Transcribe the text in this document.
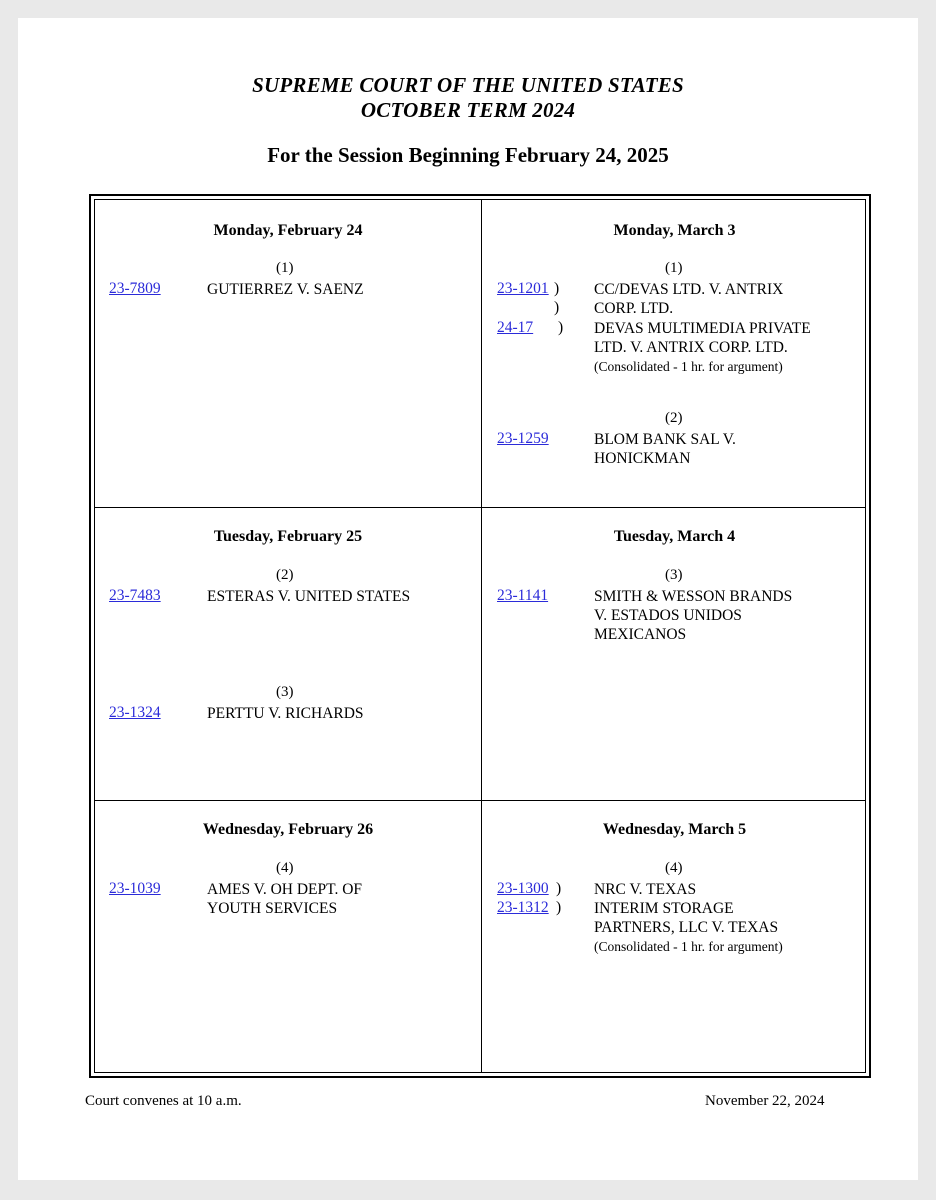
SUPREME COURT OF THE UNITED STATES
OCTOBER TERM 2024
For the Session Beginning February 24, 2025
Monday, February 24
(1)
23-7809	GUTIERREZ V. SAENZ
Monday, March 3
(1)
23-1201 ) CC/DEVAS LTD. V. ANTRIX
CORP. LTD.
)
24-17 ) DEVAS MULTIMEDIA PRIVATE
LTD. V. ANTRIX CORP. LTD.
(Consolidated - 1 hr. for argument)
(2)
23-1259	BLOM BANK SAL V.
HONICKMAN
Tuesday, February 25
(2)
23-7483	ESTERAS V. UNITED STATES
(3)
23-1324	PERTTU V. RICHARDS
Tuesday, March 4
(3)
23-1141	SMITH & WESSON BRANDS
V. ESTADOS UNIDOS
MEXICANOS
Wednesday, February 26
(4)
23-1039	AMES V. OH DEPT. OF
YOUTH SERVICES
Wednesday, March 5
(4)
23-1300 ) NRC V. TEXAS
23-1312 ) INTERIM STORAGE
PARTNERS, LLC V. TEXAS
(Consolidated - 1 hr. for argument)
Court convenes at 10 a.m.	November 22, 2024
